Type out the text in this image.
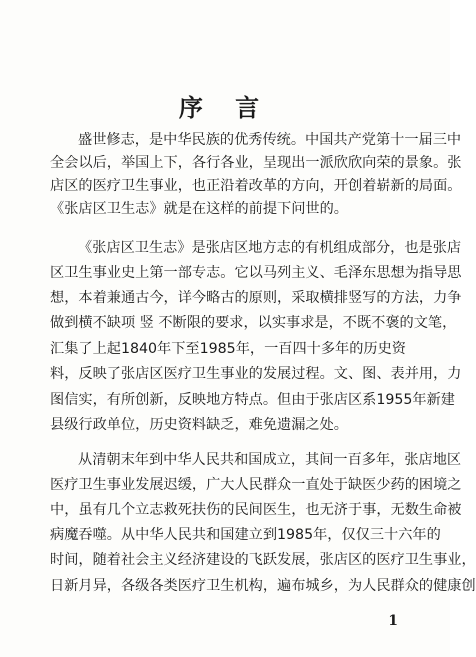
序 言
盛世修志，是中华民族的优秀传统。中国共产党第十一届三中
全会以后，举国上下，各行各业，呈现出一派欣欣向荣的景象。张
店区的医疗卫生事业，也正沿着改革的方向，开创着崭新的局面。
《张店区卫生志》就是在这样的前提下问世的。
《张店区卫生志》是张店区地方志的有机组成部分，也是张店
区卫生事业史上第一部专志。它以马列主义、毛泽东思想为指导思
想，本着兼通古今，详今略古的原则，采取横排竖写的方法，力争
做到横不缺项 竖 不断限的要求，以实事求是，不既不褒的文笔，
汇集了上起1840年下至1985年，一百四十多年的历史资
料，反映了张店区医疗卫生事业的发展过程。文、图、表并用，力
图信实，有所创新，反映地方特点。但由于张店区系1955年新建
县级行政单位，历史资料缺乏，难免遗漏之处。
从清朝末年到中华人民共和国成立，其间一百多年，张店地区
医疗卫生事业发展迟缓，广大人民群众一直处于缺医少药的困境之
中，虽有几个立志救死扶伤的民间医生，也无济于事，无数生命被
病魔吞噬。从中华人民共和国建立到1985年，仅仅三十六年的
时间，随着社会主义经济建设的飞跃发展，张店区的医疗卫生事业，
日新月异，各级各类医疗卫生机构，遍布城乡，为人民群众的健康创
1
